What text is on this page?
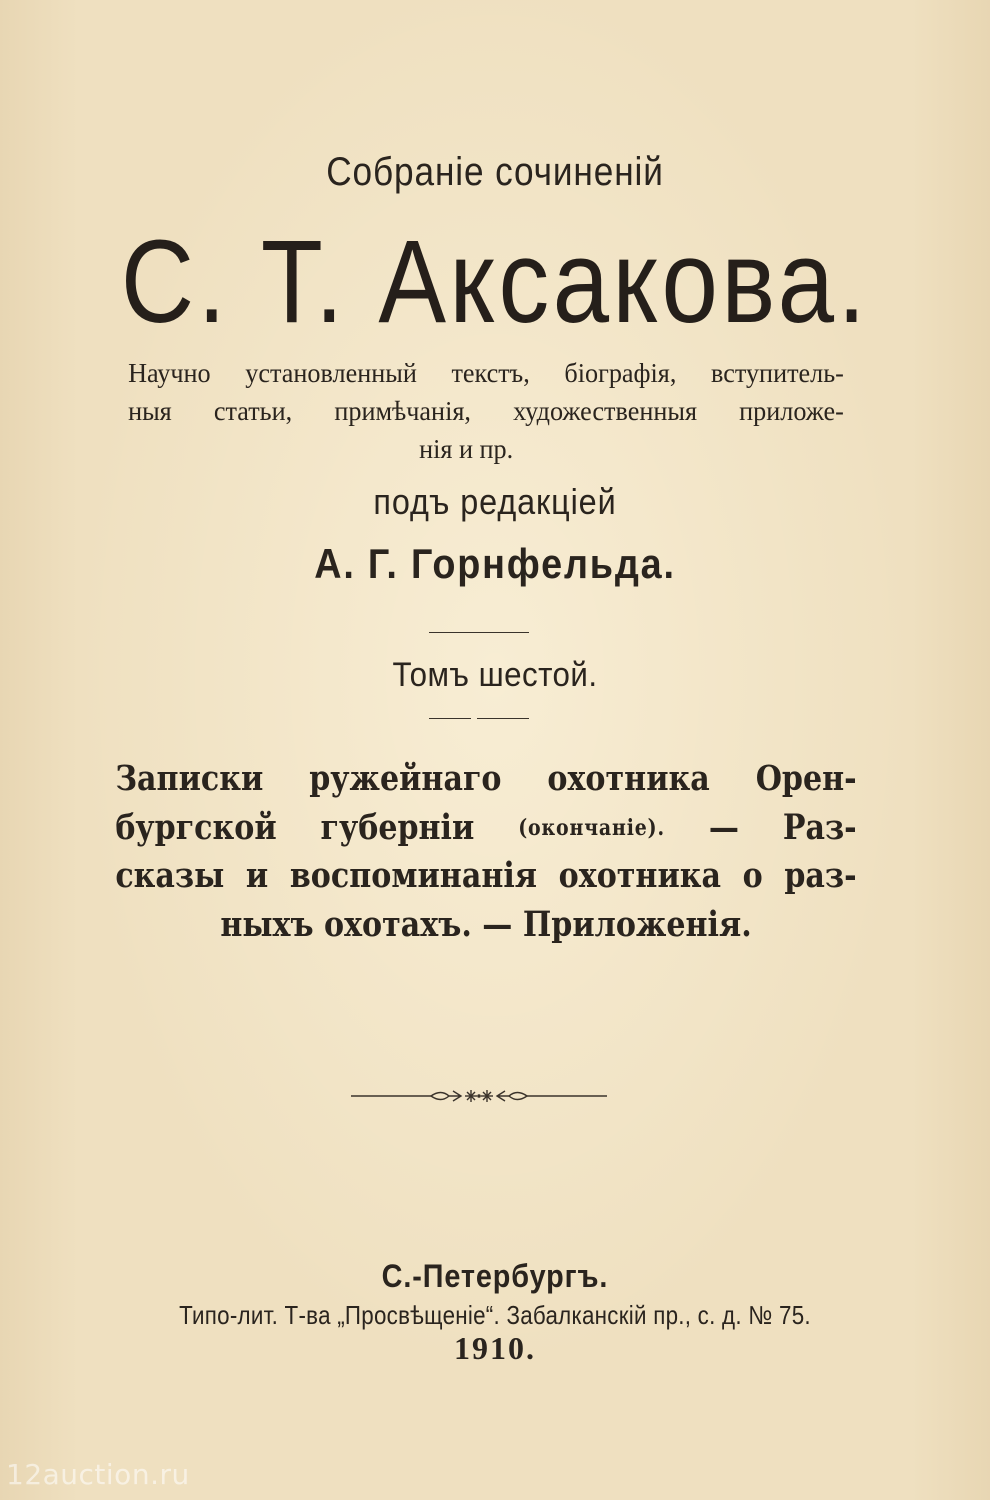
Собраніе сочиненій
С. Т. Аксакова.
Научно установленный текстъ, біографія, вступитель-
ныя статьи, примѣчанія, художественныя приложе-
нія
и
пр.
подъ редакціей
А. Г. Горнфельда.
Томъ шестой.
Записки ружейнаго охотника Орен-
бургской губерніи (окончаніе). — Раз-
сказы и воспоминанія охотника о раз-
ныхъ охотахъ. — Приложенія.
С.-Петербургъ.
Типо-лит. Т-ва „Просвѣщеніе“. Забалканскій пр., с. д. № 75.
1910.
12auction.ru
